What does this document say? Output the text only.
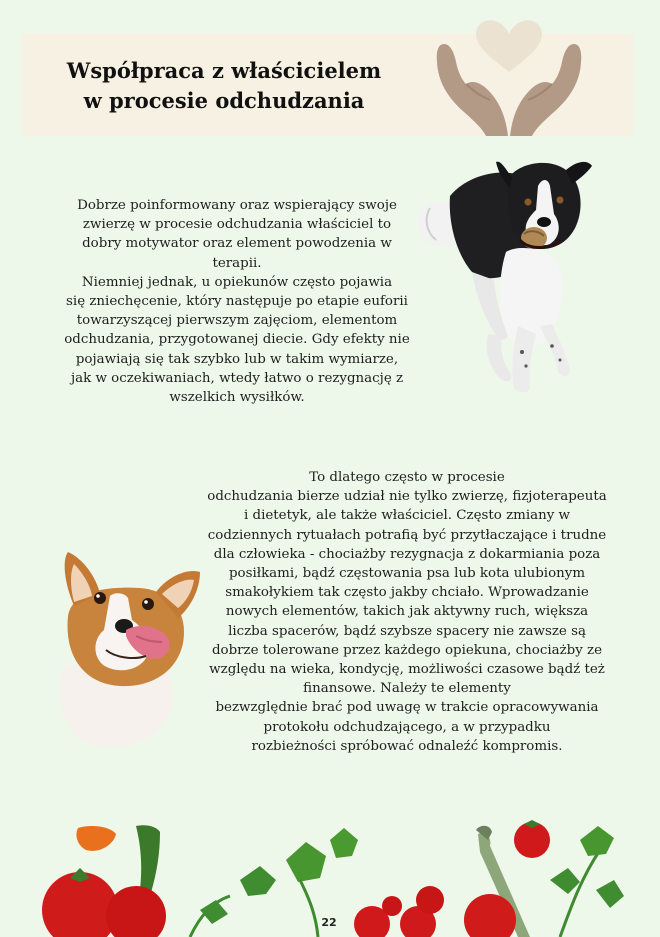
Współpraca z właścicielem
w procesie odchudzania
Dobrze poinformowany oraz wspierający swoje
zwierzę w procesie odchudzania właściciel to
dobry motywator oraz element powodzenia w terapii.
Niemniej jednak, u opiekunów często pojawia
się zniechęcenie, który następuje po etapie euforii
towarzyszącej pierwszym zajęciom, elementom
odchudzania, przygotowanej diecie. Gdy efekty nie
pojawiają się tak szybko lub w takim wymiarze,
jak w oczekiwaniach, wtedy łatwo o rezygnację z
wszelkich wysiłków.
To dlatego często w procesie
odchudzania bierze udział nie tylko zwierzę, fizjoterapeuta
i dietetyk, ale także właściciel. Często zmiany w
codziennych rytuałach potrafią być przytłaczające i trudne
dla człowieka - chociażby rezygnacja z dokarmiania poza
posiłkami, bądź częstowania psa lub kota ulubionym
smakołykiem tak często jakby chciało. Wprowadzanie
nowych elementów, takich jak aktywny ruch, większa
liczba spacerów, bądź szybsze spacery nie zawsze są
dobrze tolerowane przez każdego opiekuna, chociażby ze
względu na wieka, kondycję, możliwości czasowe bądź też
finansowe. Należy te elementy
bezwzględnie brać pod uwagę w trakcie opracowywania
protokołu odchudzającego, a w przypadku
rozbieżności spróbować odnaleźć kompromis.
22
